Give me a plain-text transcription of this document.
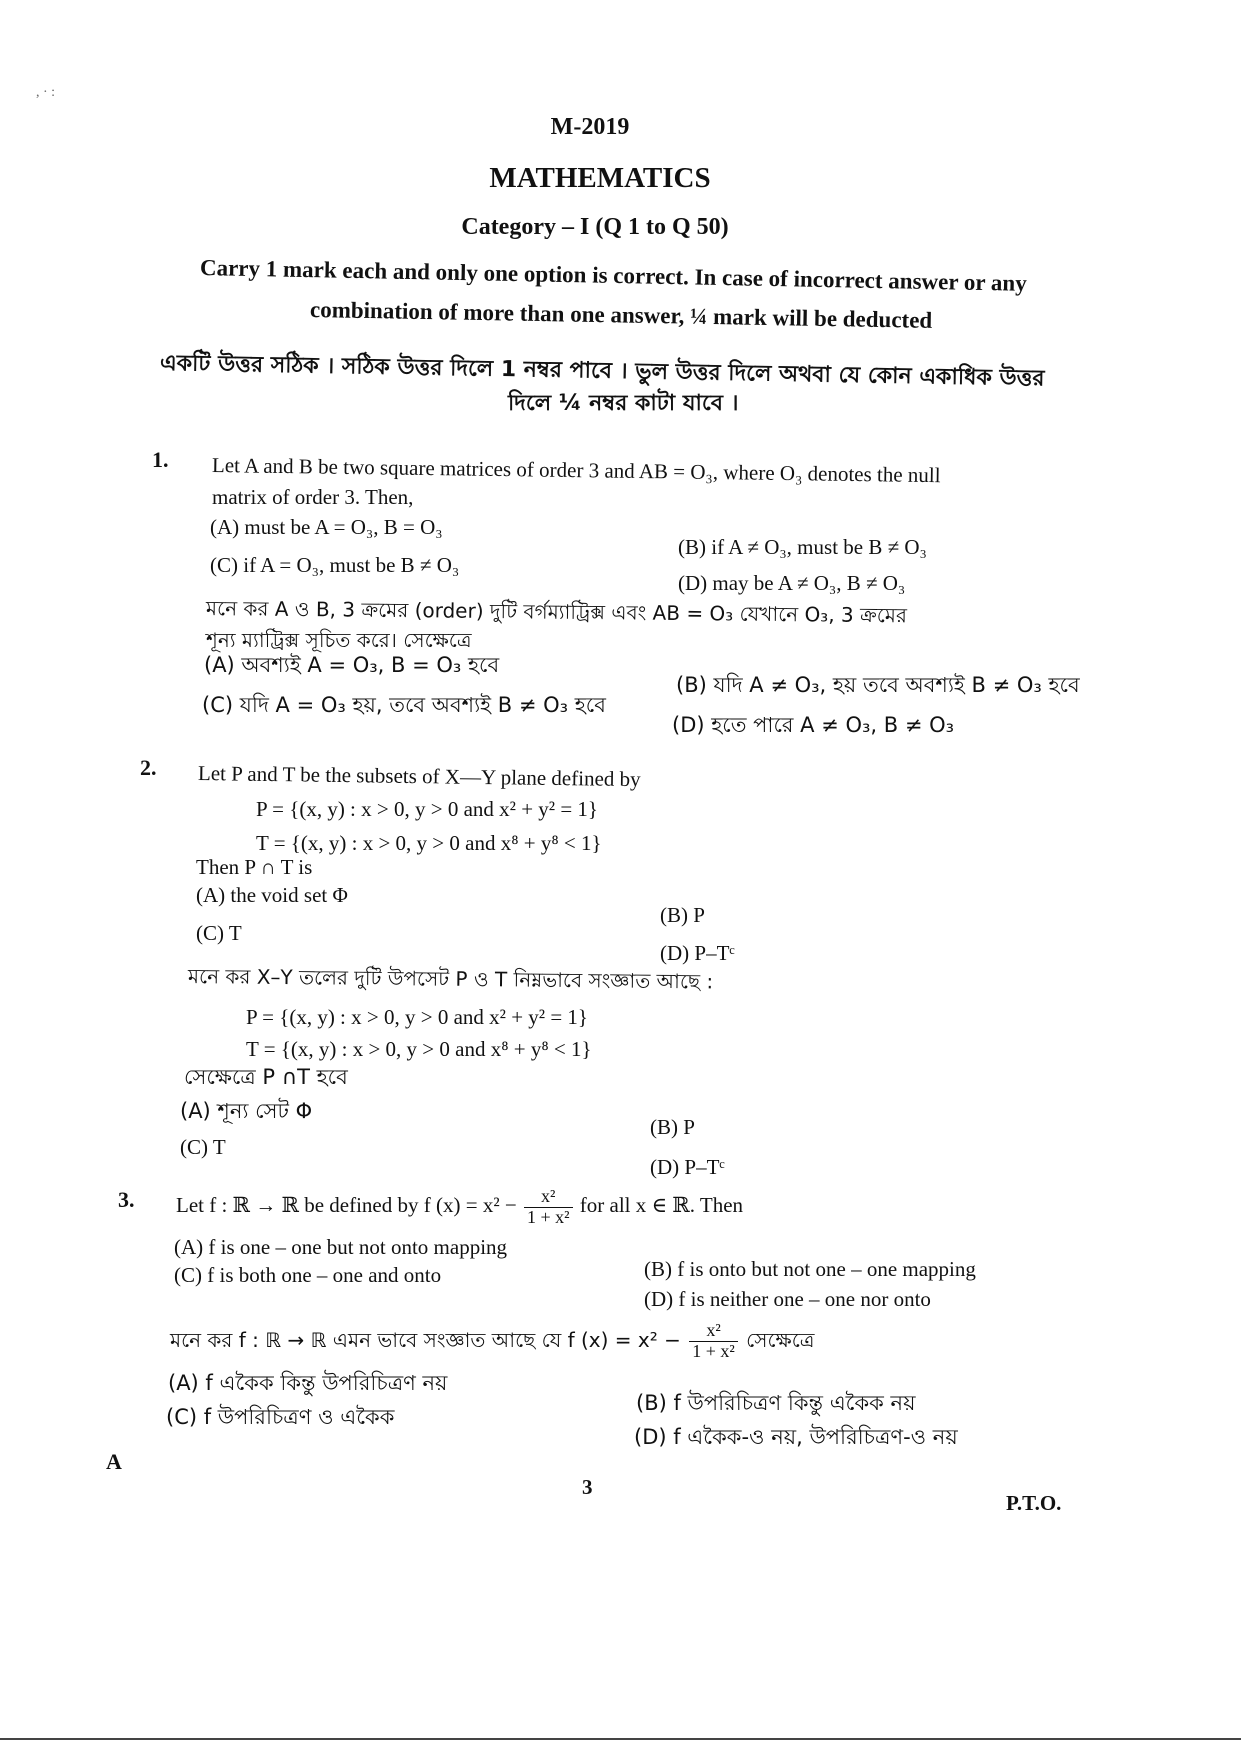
, · :
M-2019
MATHEMATICS
Category – I (Q 1 to Q 50)
Carry 1 mark each and only one option is correct. In case of incorrect answer or any
combination of more than one answer, ¼ mark will be deducted
একটি উত্তর সঠিক । সঠিক উত্তর দিলে 1 নম্বর পাবে । ভুল উত্তর দিলে অথবা যে কোন একাধিক উত্তর
দিলে ¼ নম্বর কাটা যাবে ।
1. Let A and B be two square matrices of order 3 and AB = O₃, where O₃ denotes the null
matrix of order 3. Then,
(A) must be A = O₃, B = O₃
(B) if A ≠ O₃, must be B ≠ O₃
(C) if A = O₃, must be B ≠ O₃
(D) may be A ≠ O₃, B ≠ O₃
মনে কর A ও B, 3 ক্রমের (order) দুটি বর্গম্যাট্রিক্স এবং AB = O₃ যেখানে O₃, 3 ক্রমের
শূন্য ম্যাট্রিক্স সূচিত করে। সেক্ষেত্রে
(A) অবশ্যই A = O₃, B = O₃ হবে
(B) যদি A ≠ O₃, হয় তবে অবশ্যই B ≠ O₃ হবে
(C) যদি A = O₃ হয়, তবে অবশ্যই B ≠ O₃ হবে
(D) হতে পারে A ≠ O₃, B ≠ O₃
2. Let P and T be the subsets of X—Y plane defined by
P = {(x, y) : x > 0, y > 0 and x² + y² = 1}
T = {(x, y) : x > 0, y > 0 and x⁸ + y⁸ < 1}
Then P ∩ T is
(A) the void set Φ
(B) P
(C) T
(D) P–Tᶜ
মনে কর X–Y তলের দুটি উপসেট P ও T নিম্নভাবে সংজ্ঞাত আছে :
P = {(x, y) : x > 0, y > 0 and x² + y² = 1}
T = {(x, y) : x > 0, y > 0 and x⁸ + y⁸ < 1}
সেক্ষেত্রে P ∩T হবে
(A) শূন্য সেট Φ
(B) P
(C) T
(D) P–Tᶜ
3. Let f : ℝ → ℝ be defined by f $(x) = x^2 - \frac{\text{x²}}{\text{1 + x²}}$ for all x ∈ ℝ. Then
(A) f is one – one but not onto mapping
(B) f is onto but not one – one mapping
(C) f is both one – one and onto
(D) f is neither one – one nor onto
মনে কর f : ℝ → ℝ এমন ভাবে সংজ্ঞাত আছে যে f $(x) = x^2 - \frac{\text{x²}}{\text{1 + x²}}$ সেক্ষেত্রে
(A) f একৈক কিন্তু উপরিচিত্রণ নয়
(B) f উপরিচিত্রণ কিন্তু একৈক নয়
(C) f উপরিচিত্রণ ও একৈক
(D) f একৈক-ও নয়, উপরিচিত্রণ-ও নয়
A
3
P.T.O.
